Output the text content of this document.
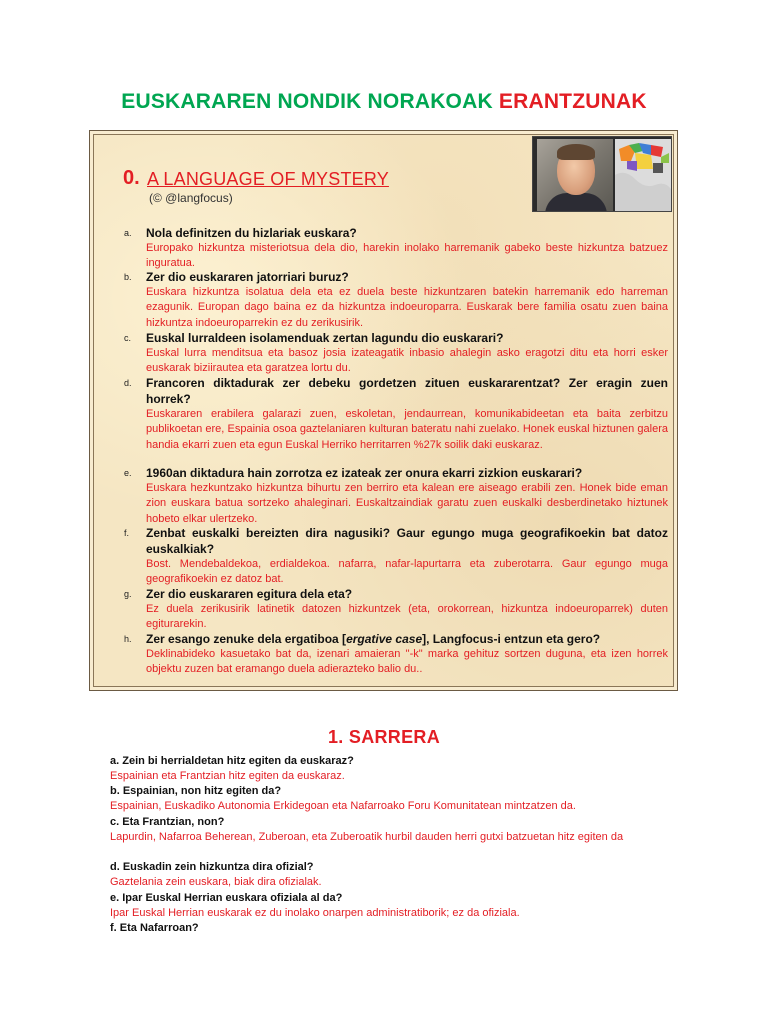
EUSKARAREN NONDIK NORAKOAK ERANTZUNAK
0. A LANGUAGE OF MYSTERY
(© @langfocus)
a. Nola definitzen du hizlariak euskara?
Europako hizkuntza misteriotsua dela dio, harekin inolako harremanik gabeko beste hizkuntza batzuez inguratua.
b. Zer dio euskararen jatorriari buruz?
Euskara hizkuntza isolatua dela eta ez duela beste hizkuntzaren batekin harremanik edo harreman ezagunik. Europan dago baina ez da hizkuntza indoeuroparra. Euskarak bere familia osatu zuen baina hizkuntza indoeuroparrekin ez du zerikusirik.
c. Euskal lurraldeen isolamenduak zertan lagundu dio euskarari?
Euskal lurra menditsua eta basoz josia izateagatik inbasio ahalegin asko eragotzi ditu eta horri esker euskarak biziirautea eta garatzea lortu du.
d. Francoren diktadurak zer debeku gordetzen zituen euskararentzat? Zer eragin zuen horrek?
Euskararen erabilera galarazi zuen, eskoletan, jendaurrean, komunikabideetan eta baita zerbitzu publikoetan ere, Espainia osoa gaztelaniaren kulturan bateratu nahi zuelako. Honek euskal hiztunen galera handia ekarri zuen eta egun Euskal Herriko herritarren %27k soilik daki euskaraz.
e. 1960an diktadura hain zorrotza ez izateak zer onura ekarri zizkion euskarari?
Euskara hezkuntzako hizkuntza bihurtu zen berriro eta kalean ere aiseago erabili zen. Honek bide eman zion euskara batua sortzeko ahaleginari. Euskaltzaindiak garatu zuen euskalki desberdinetako hiztunek hobeto elkar ulertzeko.
f. Zenbat euskalki bereizten dira nagusiki? Gaur egungo muga geografikoekin bat datoz euskalkiak?
Bost. Mendebaldekoa, erdialdekoa. nafarra, nafar-lapurtarra eta zuberotarra. Gaur egungo muga geografikoekin ez datoz bat.
g. Zer dio euskararen egitura dela eta?
Ez duela zerikusirik latinetik datozen hizkuntzek (eta, orokorrean, hizkuntza indoeuroparrek) duten egiturarekin.
h. Zer esango zenuke dela ergatiboa [ergative case], Langfocus-i entzun eta gero?
Deklinabideko kasuetako bat da, izenari amaieran "-k" marka gehituz sortzen duguna, eta izen horrek objektu zuzen bat eramango duela adierazteko balio du..
1. SARRERA
a. Zein bi herrialdetan hitz egiten da euskaraz?
Espainian eta Frantzian hitz egiten da euskaraz.
b. Espainian, non hitz egiten da?
Espainian, Euskadiko Autonomia Erkidegoan eta Nafarroako Foru Komunitatean mintzatzen da.
c. Eta Frantzian, non?
Lapurdin, Nafarroa Beherean, Zuberoan, eta Zuberoatik hurbil dauden herri gutxi batzuetan hitz egiten da
d. Euskadin zein hizkuntza dira ofizial?
Gaztelania zein euskara, biak dira ofizialak.
e. Ipar Euskal Herrian euskara ofiziala al da?
Ipar Euskal Herrian euskarak ez du inolako onarpen administratiborik; ez da ofiziala.
f. Eta Nafarroan?
